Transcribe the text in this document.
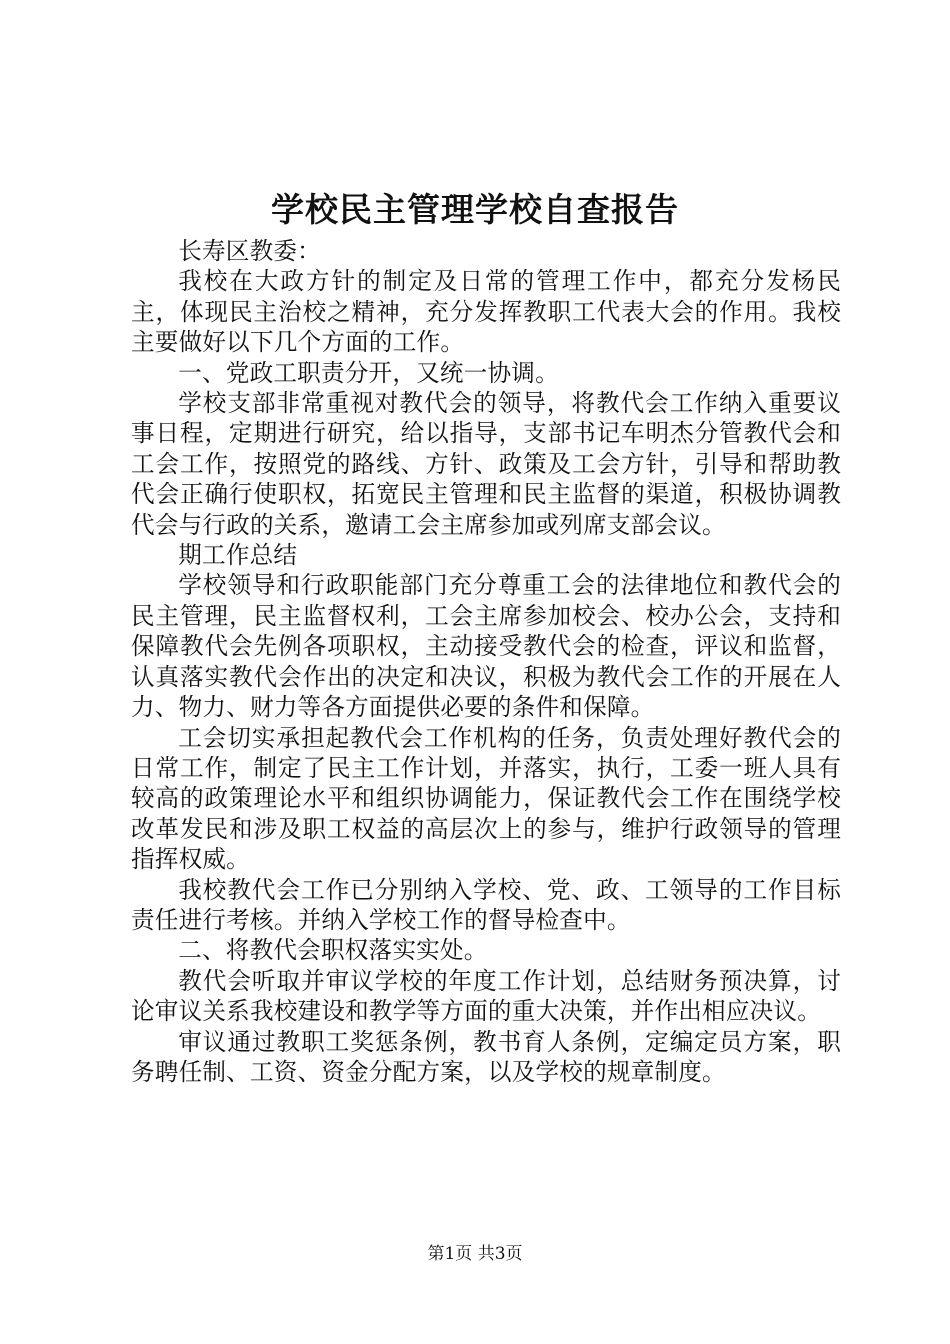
学校民主管理学校自查报告

长寿区教委：

我校在大政方针的制定及日常的管理工作中，都充分发杨民主，体现民主治校之精神，充分发挥教职工代表大会的作用。我校主要做好以下几个方面的工作。

一、党政工职责分开，又统一协调。

学校支部非常重视对教代会的领导，将教代会工作纳入重要议事日程，定期进行研究，给以指导，支部书记车明杰分管教代会和工会工作，按照党的路线、方针、政策及工会方针，引导和帮助教代会正确行使职权，拓宽民主管理和民主监督的渠道，积极协调教代会与行政的关系，邀请工会主席参加或列席支部会议。

期工作总结

学校领导和行政职能部门充分尊重工会的法律地位和教代会的民主管理，民主监督权利，工会主席参加校会、校办公会，支持和保障教代会先例各项职权，主动接受教代会的检查，评议和监督，认真落实教代会作出的决定和决议，积极为教代会工作的开展在人力、物力、财力等各方面提供必要的条件和保障。

工会切实承担起教代会工作机构的任务，负责处理好教代会的日常工作，制定了民主工作计划，并落实，执行，工委一班人具有较高的政策理论水平和组织协调能力，保证教代会工作在围绕学校改革发民和涉及职工权益的高层次上的参与，维护行政领导的管理指挥权威。

我校教代会工作已分别纳入学校、党、政、工领导的工作目标责任进行考核。并纳入学校工作的督导检查中。

二、将教代会职权落实实处。

教代会听取并审议学校的年度工作计划，总结财务预决算，讨论审议关系我校建设和教学等方面的重大决策，并作出相应决议。

审议通过教职工奖惩条例，教书育人条例，定编定员方案，职务聘任制、工资、资金分配方案，以及学校的规章制度。

第1页 共3页
